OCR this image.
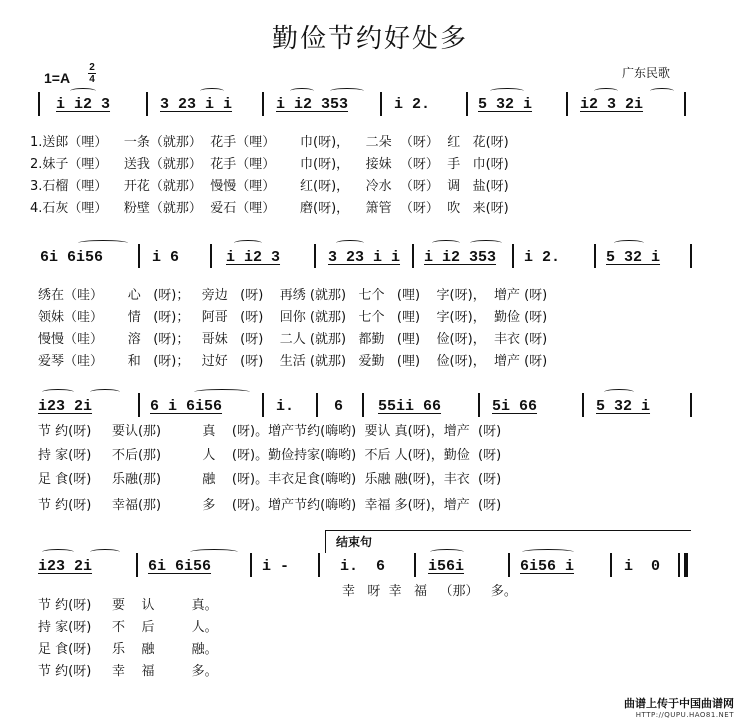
勤俭节约好处多
1=A
2
4	广东民歌
i i2 3	3 23 i i	i i2 353	i 2.	5 32 i	i2 3 2i
1.送郎（哩）    一条（就那）  花手（哩）      巾(呀)，    二朵  （呀）  红   花(呀)
2.妹子（哩）    送我（就那）  花手（哩）      巾(呀)，    接妹  （呀）  手   巾(呀)
3.石榴（哩）    开花（就那）  慢慢（哩）      红(呀)，    冷水  （呀）  调   盐(呀)
4.石灰（哩）    粉壁（就那）  爱石（哩）      磨(呀)，    箫管  （呀）  吹   来(呀)
6i 6i56	i 6	i i2 3	3 23 i i i i2 353 i 2.	5 32 i
绣在（哇）      心   (呀)；   旁边   (呀)    再绣 (就那)   七个   (哩)    字(呀)，  增产 (呀)
领妹（哇）      情   (呀)；   阿哥   (呀)    回你 (就那)   七个   (哩)    字(呀)，  勤俭 (呀)
慢慢（哇）      溶   (呀)；   哥妹   (呀)    二人 (就那)   都勤   (哩)    俭(呀)，  丰衣 (呀)
爱琴（哇）      和   (呀)；   过好   (呀)    生活 (就那)   爱勤   (哩)    俭(呀)，  增产 (呀)
i23 2i	6 i 6i56	i.	6 55ii 66	5i 66	5 32 i
节 约(呀)     要认(那)          真    (呀)。增产节约(嗨哟)  要认 真(呀)，增产  (呀)
持 家(呀)     不后(那)          人    (呀)。勤俭持家(嗨哟)  不后 人(呀)，勤俭  (呀)
足 食(呀)     乐融(那)          融    (呀)。丰衣足食(嗨哟)  乐融 融(呀)，丰衣  (呀)
节 约(呀)     幸福(那)          多    (呀)。增产节约(嗨哟)  幸福 多(呀)，增产  (呀)
i23 2i	6i 6i56	i -
节 约(呀)     要    认         真。
持 家(呀)     不    后         人。
足 食(呀)     乐    融         融。
节 约(呀)     幸    福         多。
结束句
i.  6	i56i	6i56 i	i  0
幸   呀  幸   福   （那）   多。
曲谱上传于中国曲谱网
HTTP://QUPU.HAO81.NET
